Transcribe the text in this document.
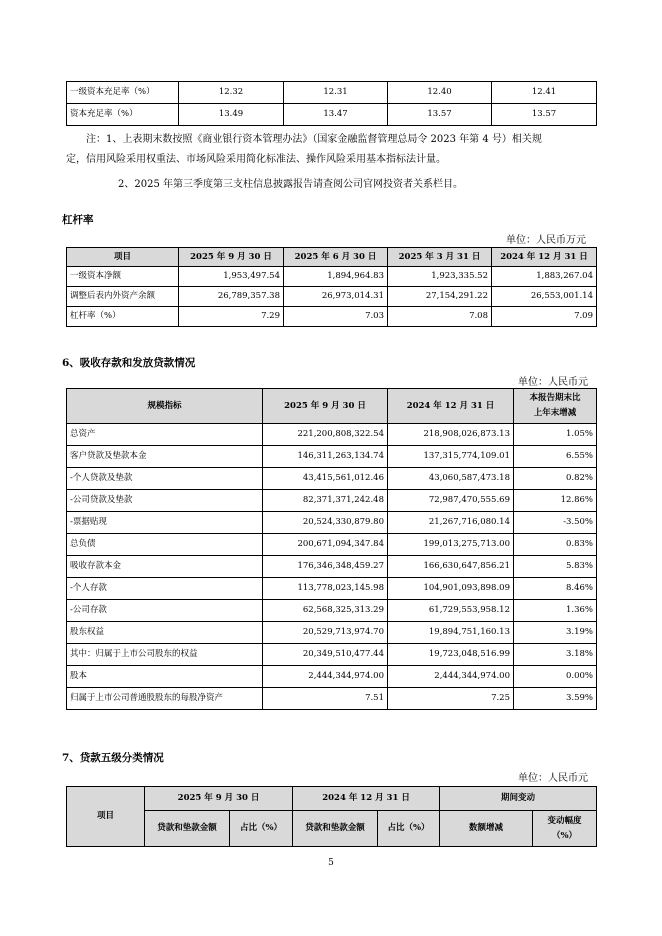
一级资本充足率（%）	12.32	12.31	12.40	12.41
资本充足率（%）	13.49	13.47	13.57	13.57
注：1、上表期末数按照《商业银行资本管理办法》（国家金融监督管理总局令 2023 年第 4 号）相关规
定，信用风险采用权重法、市场风险采用简化标准法、操作风险采用基本指标法计量。
2、2025 年第三季度第三支柱信息披露报告请查阅公司官网投资者关系栏目。
杠杆率
单位：人民币万元
项目	2025 年 9 月 30 日	2025 年 6 月 30 日	2025 年 3 月 31 日	2024 年 12 月 31 日
一级资本净额	1,953,497.54	1,894,964.83	1,923,335.52	1,883,267.04
调整后表内外资产余额	26,789,357.38	26,973,014.31	27,154,291.22	26,553,001.14
杠杆率（%）	7.29	7.03	7.08	7.09
6、吸收存款和发放贷款情况
单位：人民币元
规模指标	2025 年 9 月 30 日	2024 年 12 月 31 日	本报告期末比
上年末增减
总资产	221,200,808,322.54	218,908,026,873.13	1.05%
客户贷款及垫款本金	146,311,263,134.74	137,315,774,109.01	6.55%
-个人贷款及垫款	43,415,561,012.46	43,060,587,473.18	0.82%
-公司贷款及垫款	82,371,371,242.48	72,987,470,555.69	12.86%
-票据贴现	20,524,330,879.80	21,267,716,080.14	-3.50%
总负债	200,671,094,347.84	199,013,275,713.00	0.83%
吸收存款本金	176,346,348,459.27	166,630,647,856.21	5.83%
-个人存款	113,778,023,145.98	104,901,093,898.09	8.46%
-公司存款	62,568,325,313.29	61,729,553,958.12	1.36%
股东权益	20,529,713,974.70	19,894,751,160.13	3.19%
其中：归属于上市公司股东的权益	20,349,510,477.44	19,723,048,516.99	3.18%
股本	2,444,344,974.00	2,444,344,974.00	0.00%
归属于上市公司普通股股东的每股净资产	7.51	7.25	3.59%
7、贷款五级分类情况
单位：人民币元
项目	2025 年 9 月 30 日		2024 年 12 月 31 日		期间变动	
	贷款和垫款金额	占比（%）	贷款和垫款金额	占比（%）	数额增减	变动幅度
（%）
5
